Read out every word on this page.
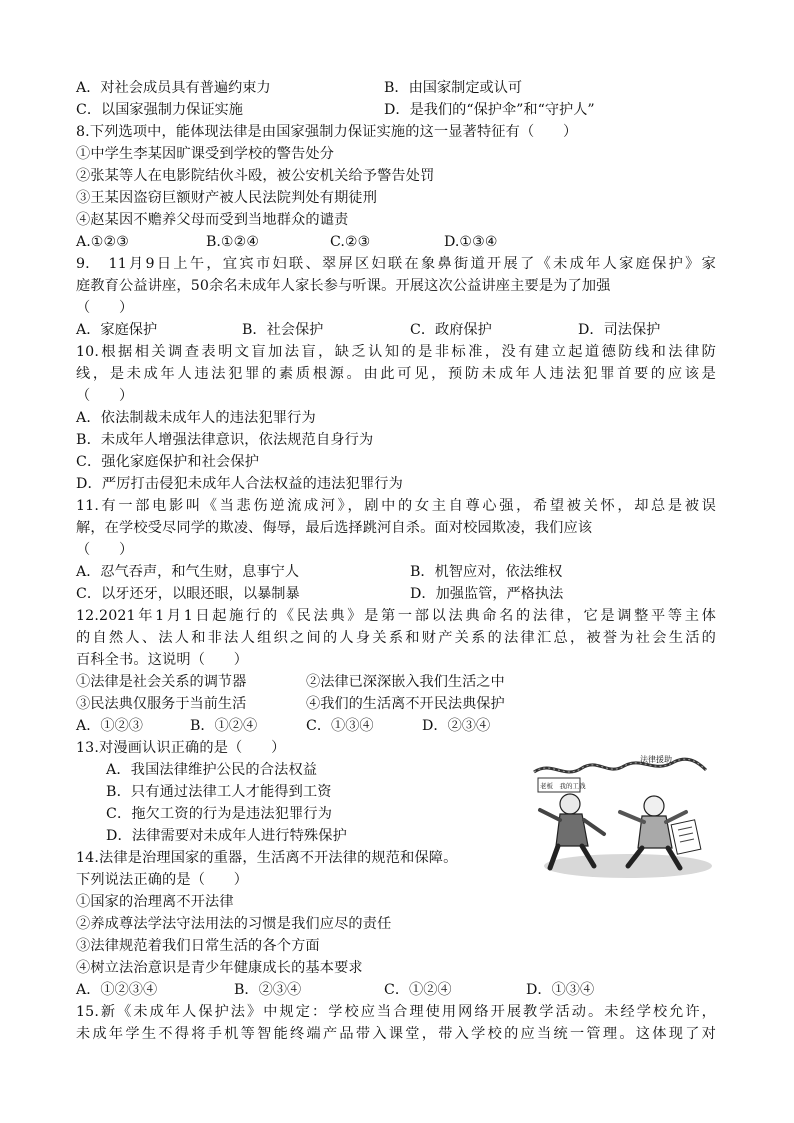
A．对社会成员具有普遍约束力	B．由国家制定或认可
C．以国家强制力保证实施	D．是我们的“保护伞”和“守护人”
8.下列选项中，能体现法律是由国家强制力保证实施的这一显著特征有（　　）
①中学生李某因旷课受到学校的警告处分
②张某等人在电影院结伙斗殴，被公安机关给予警告处罚
③王某因盗窃巨额财产被人民法院判处有期徒刑
④赵某因不赡养父母而受到当地群众的谴责
A.①②③	B.①②④	C.②③	D.①③④
9.　11月9日上午，宜宾市妇联、翠屏区妇联在象鼻街道开展了《未成年人家庭保护》家
庭教育公益讲座，50余名未成年人家长参与听课。开展这次公益讲座主要是为了加强
（　　）
A．家庭保护	B．社会保护	C．政府保护	D．司法保护
10.根据相关调查表明文盲加法盲，缺乏认知的是非标准，没有建立起道德防线和法律防
线，是未成年人违法犯罪的素质根源。由此可见，预防未成年人违法犯罪首要的应该是
（　　）
A．依法制裁未成年人的违法犯罪行为
B．未成年人增强法律意识，依法规范自身行为
C．强化家庭保护和社会保护
D．严厉打击侵犯未成年人合法权益的违法犯罪行为
11.有一部电影叫《当悲伤逆流成河》，剧中的女主自尊心强，希望被关怀，却总是被误
解，在学校受尽同学的欺凌、侮辱，最后选择跳河自杀。面对校园欺凌，我们应该
（　　）
A．忍气吞声，和气生财，息事宁人	B．机智应对，依法维权
C．以牙还牙，以眼还眼，以暴制暴	D．加强监管，严格执法
12.2021年1月1日起施行的《民法典》是第一部以法典命名的法律，它是调整平等主体
的自然人、法人和非法人组织之间的人身关系和财产关系的法律汇总，被誉为社会生活的
百科全书。这说明（　　）
①法律是社会关系的调节器	②法律已深深嵌入我们生活之中
③民法典仅服务于当前生活	④我们的生活离不开民法典保护
A．①②③	B．①②④	C．①③④	D．②③④
13.对漫画认识正确的是（　　）
A．我国法律维护公民的合法权益
B．只有通过法律工人才能得到工资
C．拖欠工资的行为是违法犯罪行为
D．法律需要对未成年人进行特殊保护
法律援助
老板　我的工钱
14.法律是治理国家的重器，生活离不开法律的规范和保障。
下列说法正确的是（　　）
①国家的治理离不开法律
②养成尊法学法守法用法的习惯是我们应尽的责任
③法律规范着我们日常生活的各个方面
④树立法治意识是青少年健康成长的基本要求
A．①②③④	B．②③④	C．①②④	D．①③④
15.新《未成年人保护法》中规定：学校应当合理使用网络开展教学活动。未经学校允许，
未成年学生不得将手机等智能终端产品带入课堂，带入学校的应当统一管理。这体现了对
